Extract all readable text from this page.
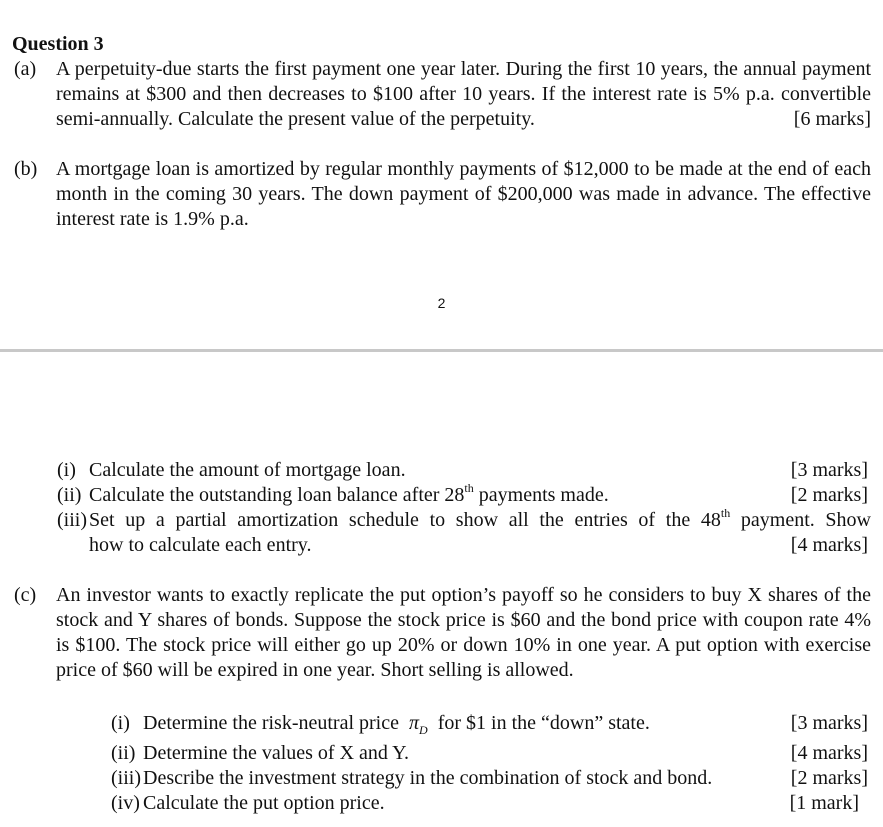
Question 3
(a) A perpetuity-due starts the first payment one year later. During the first 10 years, the annual payment remains at $300 and then decreases to $100 after 10 years. If the interest rate is 5% p.a. convertible semi-annually. Calculate the present value of the perpetuity.	[6 marks]
(b) A mortgage loan is amortized by regular monthly payments of $12,000 to be made at the end of each month in the coming 30 years. The down payment of $200,000 was made in advance. The effective interest rate is 1.9% p.a.
2
(i) Calculate the amount of mortgage loan.	[3 marks]
(ii) Calculate the outstanding loan balance after 28th payments made.	[2 marks]
(iii) Set up a partial amortization schedule to show all the entries of the 48th payment. Show
how to calculate each entry.	[4 marks]
(c) An investor wants to exactly replicate the put option’s payoff so he considers to buy X shares of the stock and Y shares of bonds. Suppose the stock price is $60 and the bond price with coupon rate 4% is $100. The stock price will either go up 20% or down 10% in one year. A put option with exercise price of $60 will be expired in one year. Short selling is allowed.
(i) Determine the risk-neutral price $\pi_D$ for $1 in the “down” state.	[3 marks]
(ii) Determine the values of X and Y.	[4 marks]
(iii) Describe the investment strategy in the combination of stock and bond.	[2 marks]
(iv) Calculate the put option price.	[1 mark]
